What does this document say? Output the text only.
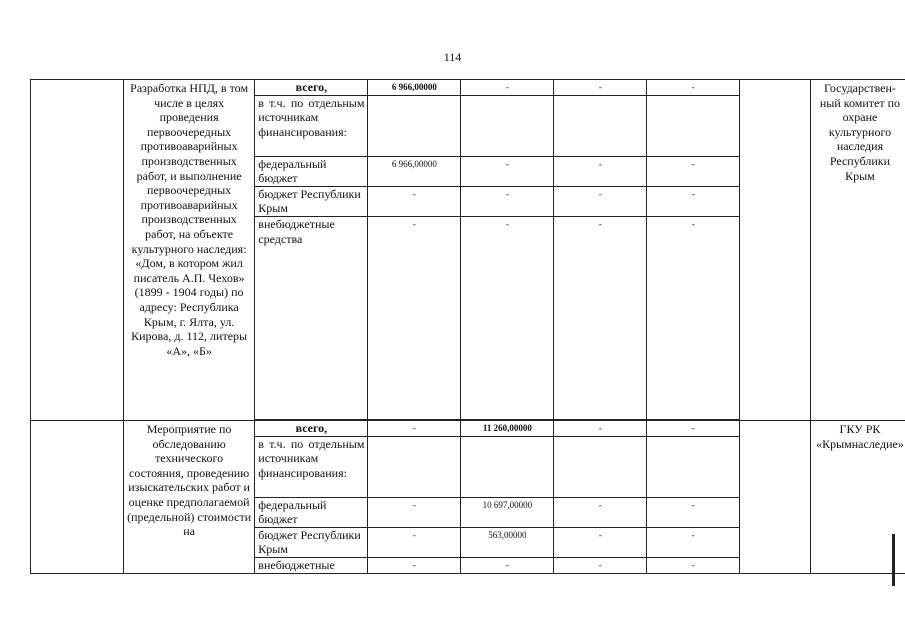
114
	Разработка НПД, в том числе в целях проведения первоочередных противоаварийных производственных работ, и выполнение первоочередных противоаварийных производственных работ, на объекте культурного наследия: «Дом, в котором жил писатель А.П. Чехов» (1899 - 1904 годы) по адресу: Республика Крым, г. Ялта, ул. Кирова, д. 112, литеры «А», «Б»	всего,	6 966,00000	-	-	-		Государствен-ный комитет по охране культурного наследия Республики Крым
		в т.ч. по отдельным источникам финансирования:						
		федеральный бюджет	6 966,00000	-	-	-		
		бюджет Республики Крым	-	-	-	-		
		внебюджетные средства	-	-	-	-		

	Мероприятие по обследованию технического состояния, проведению изыскательских работ и оценке предполагаемой (предельной) стоимости на	всего,	-	11 260,00000	-	-		ГКУ РК «Крымнаследие»
		в т.ч. по отдельным источникам финансирования:						
		федеральный бюджет	-	10 697,00000	-	-		
		бюджет Республики Крым	-	563,00000	-	-		
		внебюджетные	-	-	-	-		
